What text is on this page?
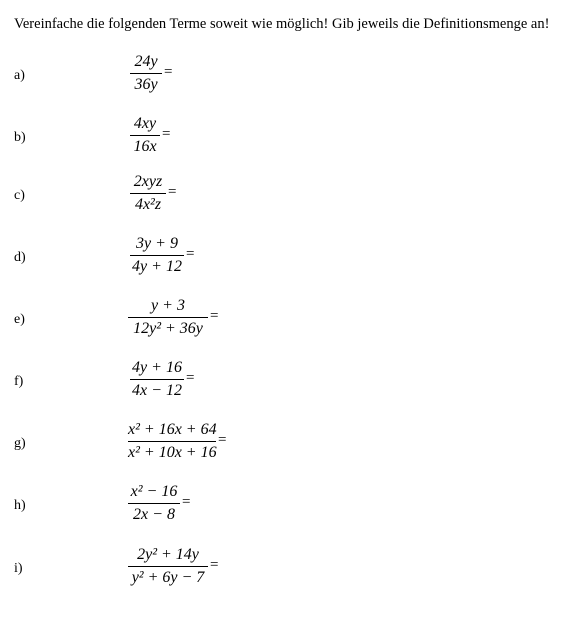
Vereinfache die folgenden Terme soweit wie möglich! Gib jeweils die Definitionsmenge an!
a)
24y
36y
=
b)
4xy
16x
=
c)
2xyz
4x²z
=
d)
3y + 9
4y + 12
=
e)
y + 3
12y² + 36y
=
f)
4y + 16
4x − 12
=
g)
x² + 16x + 64
x² + 10x + 16
=
h)
x² − 16
2x − 8
=
i)
2y² + 14y
y² + 6y − 7
=
